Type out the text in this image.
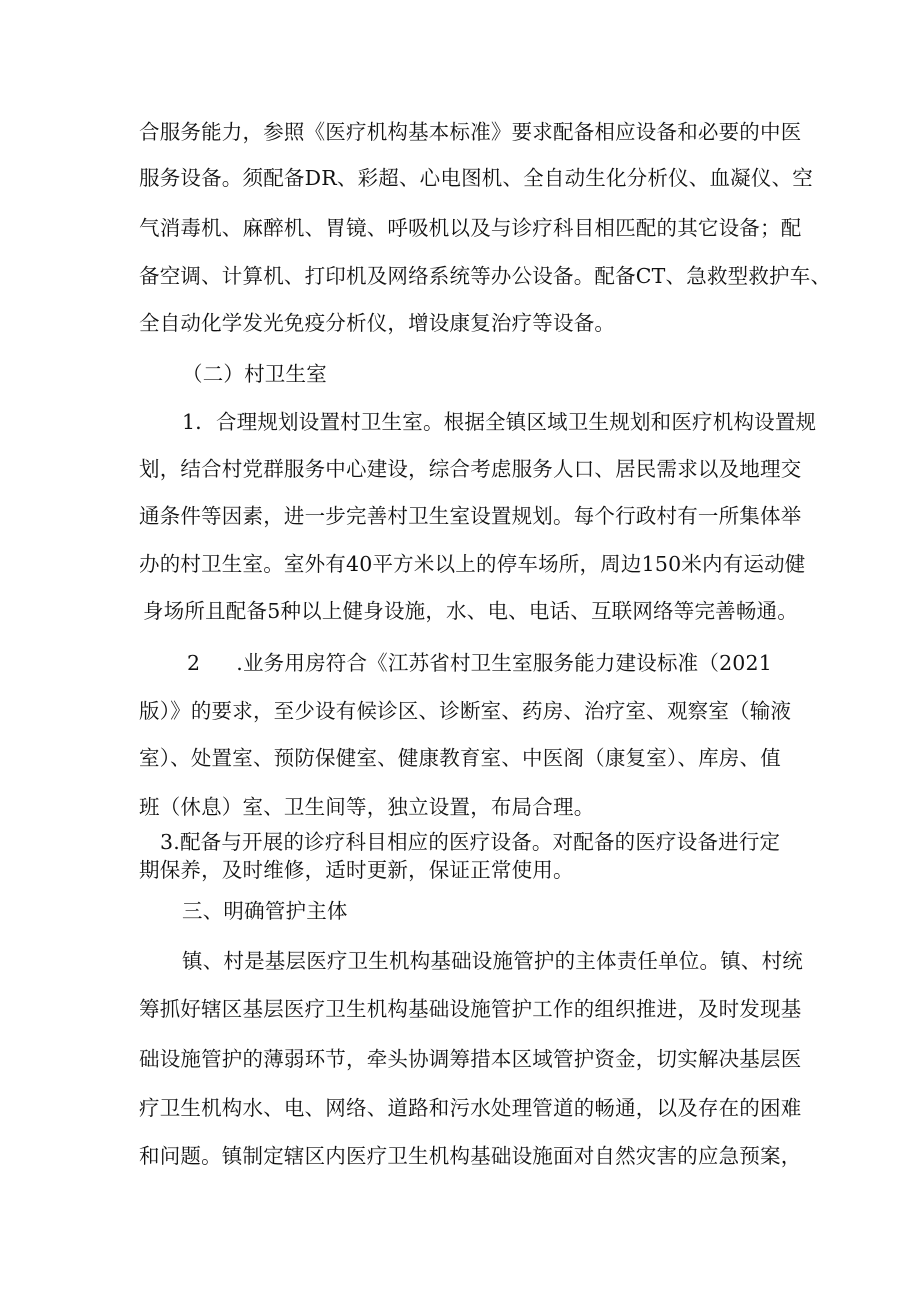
合服务能力，参照《医疗机构基本标准》要求配备相应设备和必要的中医
服务设备。须配备DR、彩超、心电图机、全自动生化分析仪、血凝仪、空
气消毒机、麻醉机、胃镜、呼吸机以及与诊疗科目相匹配的其它设备；配
备空调、计算机、打印机及网络系统等办公设备。配备CT、急救型救护车、
全自动化学发光免疫分析仪，增设康复治疗等设备。
（二）村卫生室
1．合理规划设置村卫生室。根据全镇区域卫生规划和医疗机构设置规
划，结合村党群服务中心建设，综合考虑服务人口、居民需求以及地理交
通条件等因素，进一步完善村卫生室设置规划。每个行政村有一所集体举
办的村卫生室。室外有40平方米以上的停车场所，周边150米内有运动健
身场所且配备5种以上健身设施，水、电、电话、互联网络等完善畅通。
2 .业务用房符合《江苏省村卫生室服务能力建设标准（2021
版）》的要求，至少设有候诊区、诊断室、药房、治疗室、观察室（输液
室）、处置室、预防保健室、健康教育室、中医阁（康复室）、库房、值
班（休息）室、卫生间等，独立设置，布局合理。
3.配备与开展的诊疗科目相应的医疗设备。对配备的医疗设备进行定
期保养，及时维修，适时更新，保证正常使用。
三、明确管护主体
镇、村是基层医疗卫生机构基础设施管护的主体责任单位。镇、村统
筹抓好辖区基层医疗卫生机构基础设施管护工作的组织推进，及时发现基
础设施管护的薄弱环节，牵头协调筹措本区域管护资金，切实解决基层医
疗卫生机构水、电、网络、道路和污水处理管道的畅通，以及存在的困难
和问题。镇制定辖区内医疗卫生机构基础设施面对自然灾害的应急预案，
